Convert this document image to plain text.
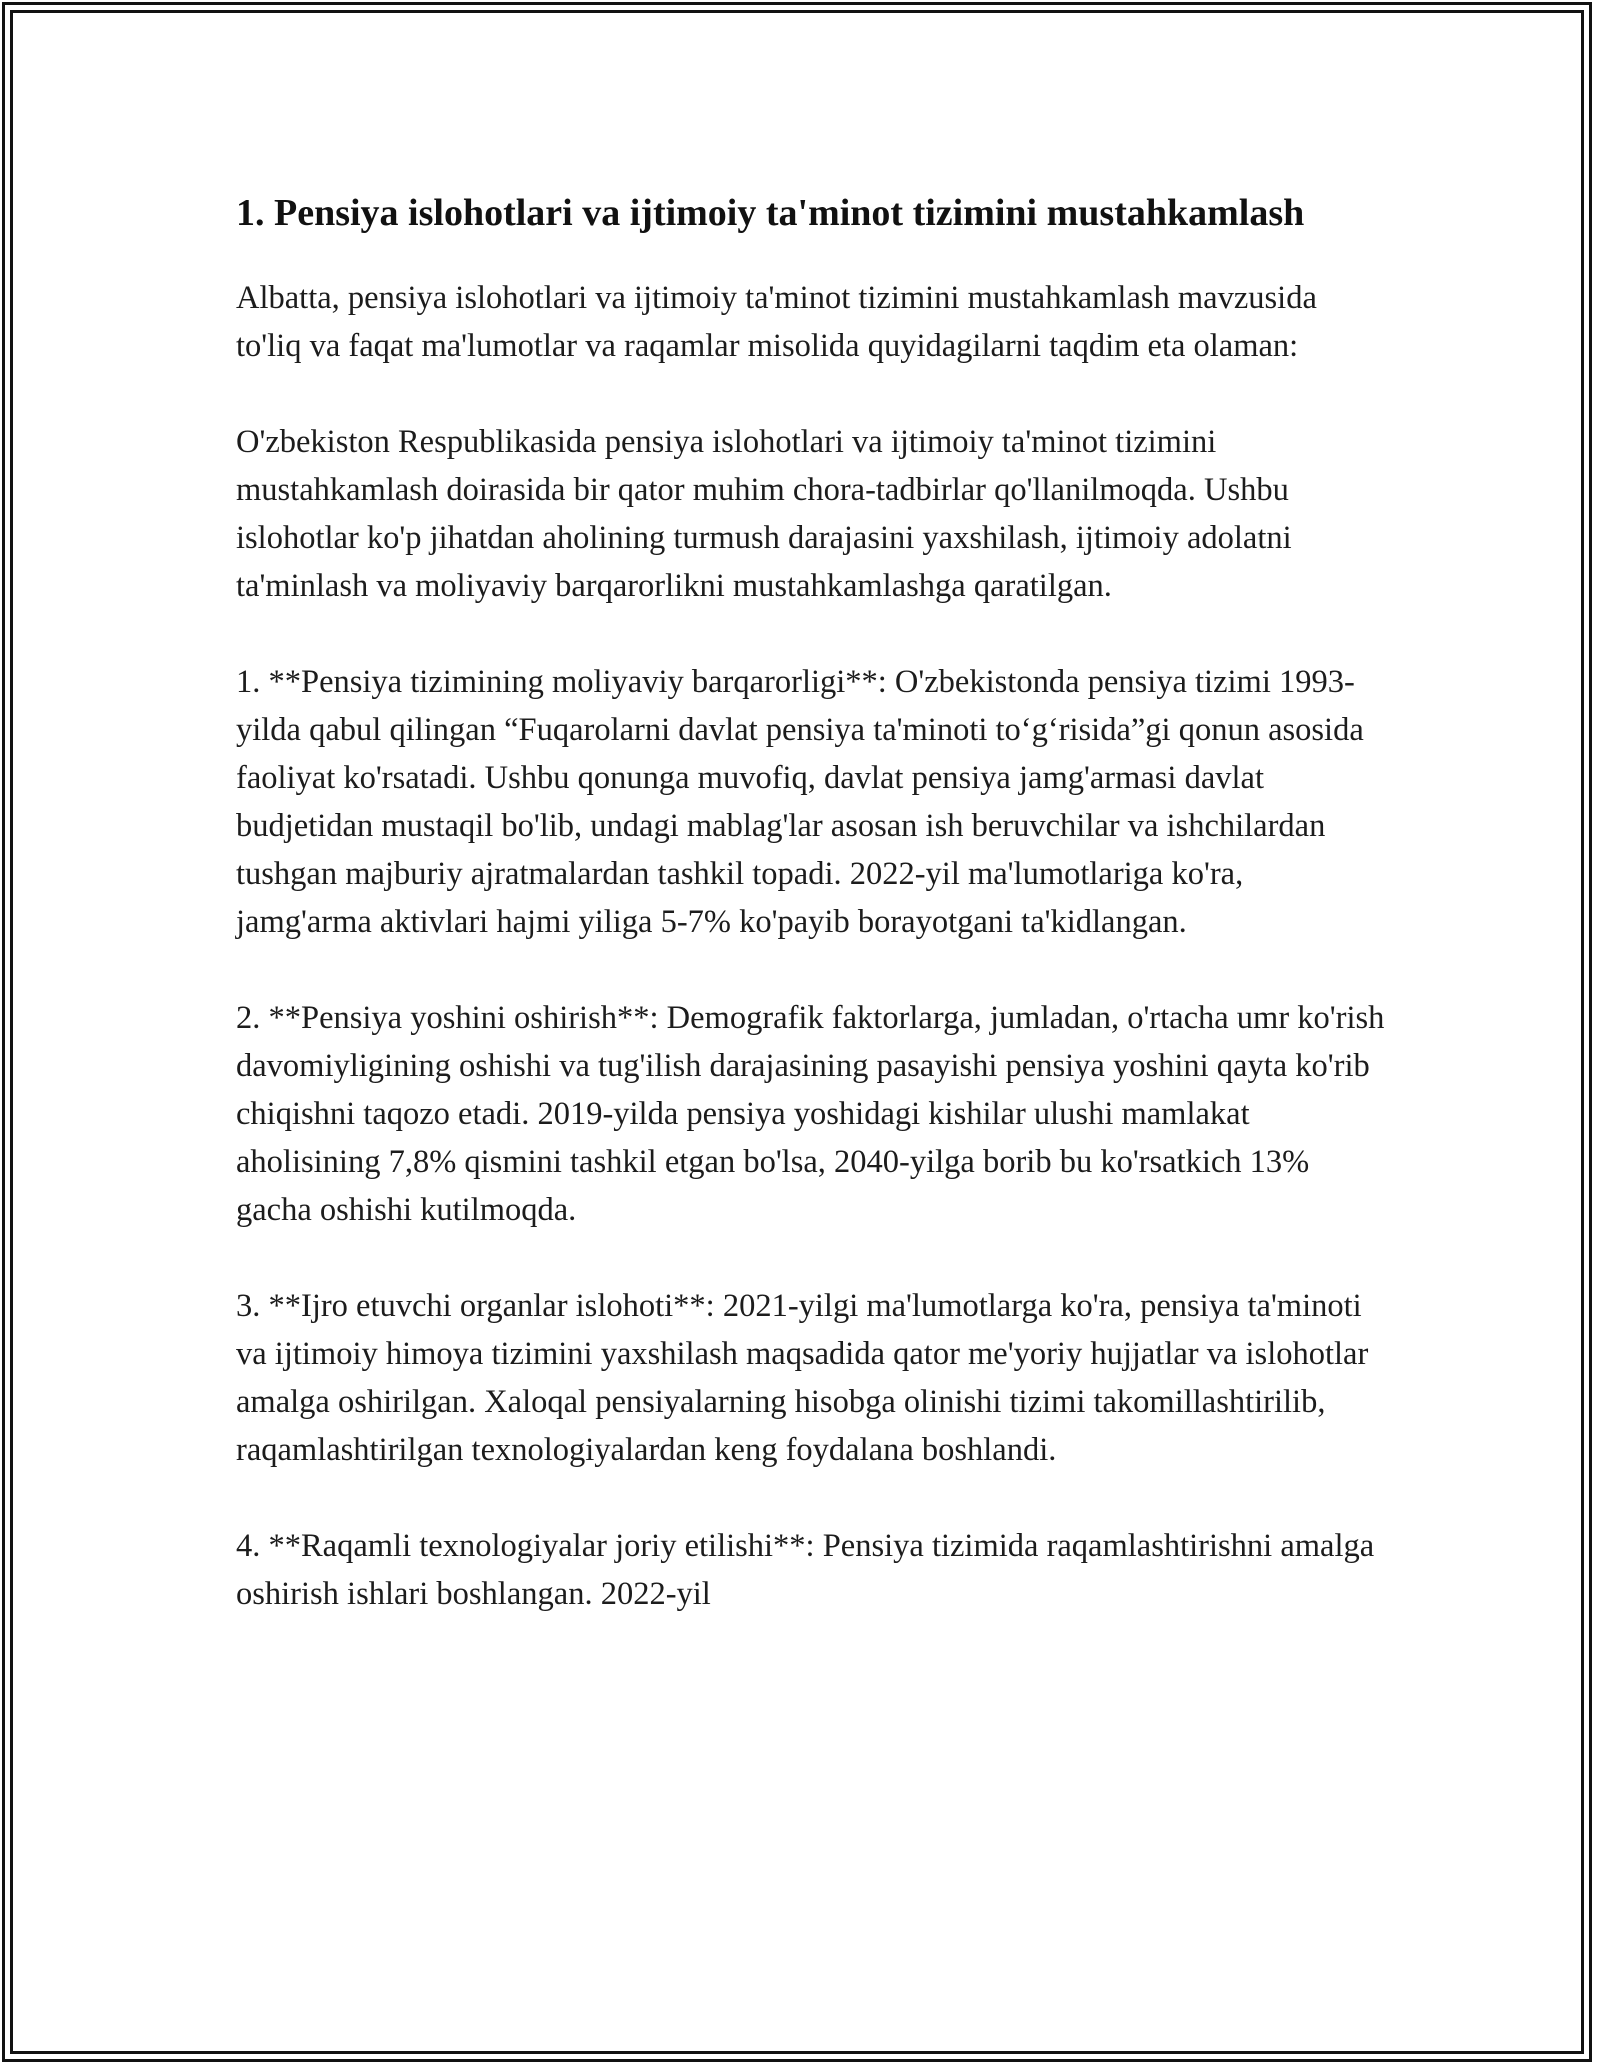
1. Pensiya islohotlari va ijtimoiy ta'minot tizimini mustahkamlash

Albatta, pensiya islohotlari va ijtimoiy ta'minot tizimini mustahkamlash mavzusida to'liq va faqat ma'lumotlar va raqamlar misolida quyidagilarni taqdim eta olaman:

O'zbekiston Respublikasida pensiya islohotlari va ijtimoiy ta'minot tizimini mustahkamlash doirasida bir qator muhim chora-tadbirlar qo'llanilmoqda. Ushbu islohotlar ko'p jihatdan aholining turmush darajasini yaxshilash, ijtimoiy adolatni ta'minlash va moliyaviy barqarorlikni mustahkamlashga qaratilgan.

1. **Pensiya tizimining moliyaviy barqarorligi**: O'zbekistonda pensiya tizimi 1993-yilda qabul qilingan “Fuqarolarni davlat pensiya ta'minoti to‘g‘risida”gi qonun asosida faoliyat ko'rsatadi. Ushbu qonunga muvofiq, davlat pensiya jamg'armasi davlat budjetidan mustaqil bo'lib, undagi mablag'lar asosan ish beruvchilar va ishchilardan tushgan majburiy ajratmalardan tashkil topadi. 2022-yil ma'lumotlariga ko'ra, jamg'arma aktivlari hajmi yiliga 5-7% ko'payib borayotgani ta'kidlangan.

2. **Pensiya yoshini oshirish**: Demografik faktorlarga, jumladan, o'rtacha umr ko'rish davomiyligining oshishi va tug'ilish darajasining pasayishi pensiya yoshini qayta ko'rib chiqishni taqozo etadi. 2019-yilda pensiya yoshidagi kishilar ulushi mamlakat aholisining 7,8% qismini tashkil etgan bo'lsa, 2040-yilga borib bu ko'rsatkich 13% gacha oshishi kutilmoqda.

3. **Ijro etuvchi organlar islohoti**: 2021-yilgi ma'lumotlarga ko'ra, pensiya ta'minoti va ijtimoiy himoya tizimini yaxshilash maqsadida qator me'yoriy hujjatlar va islohotlar amalga oshirilgan. Xaloqal pensiyalarning hisobga olinishi tizimi takomillashtirilib, raqamlashtirilgan texnologiyalardan keng foydalana boshlandi.

4. **Raqamli texnologiyalar joriy etilishi**: Pensiya tizimida raqamlashtirishni amalga oshirish ishlari boshlangan. 2022-yil
